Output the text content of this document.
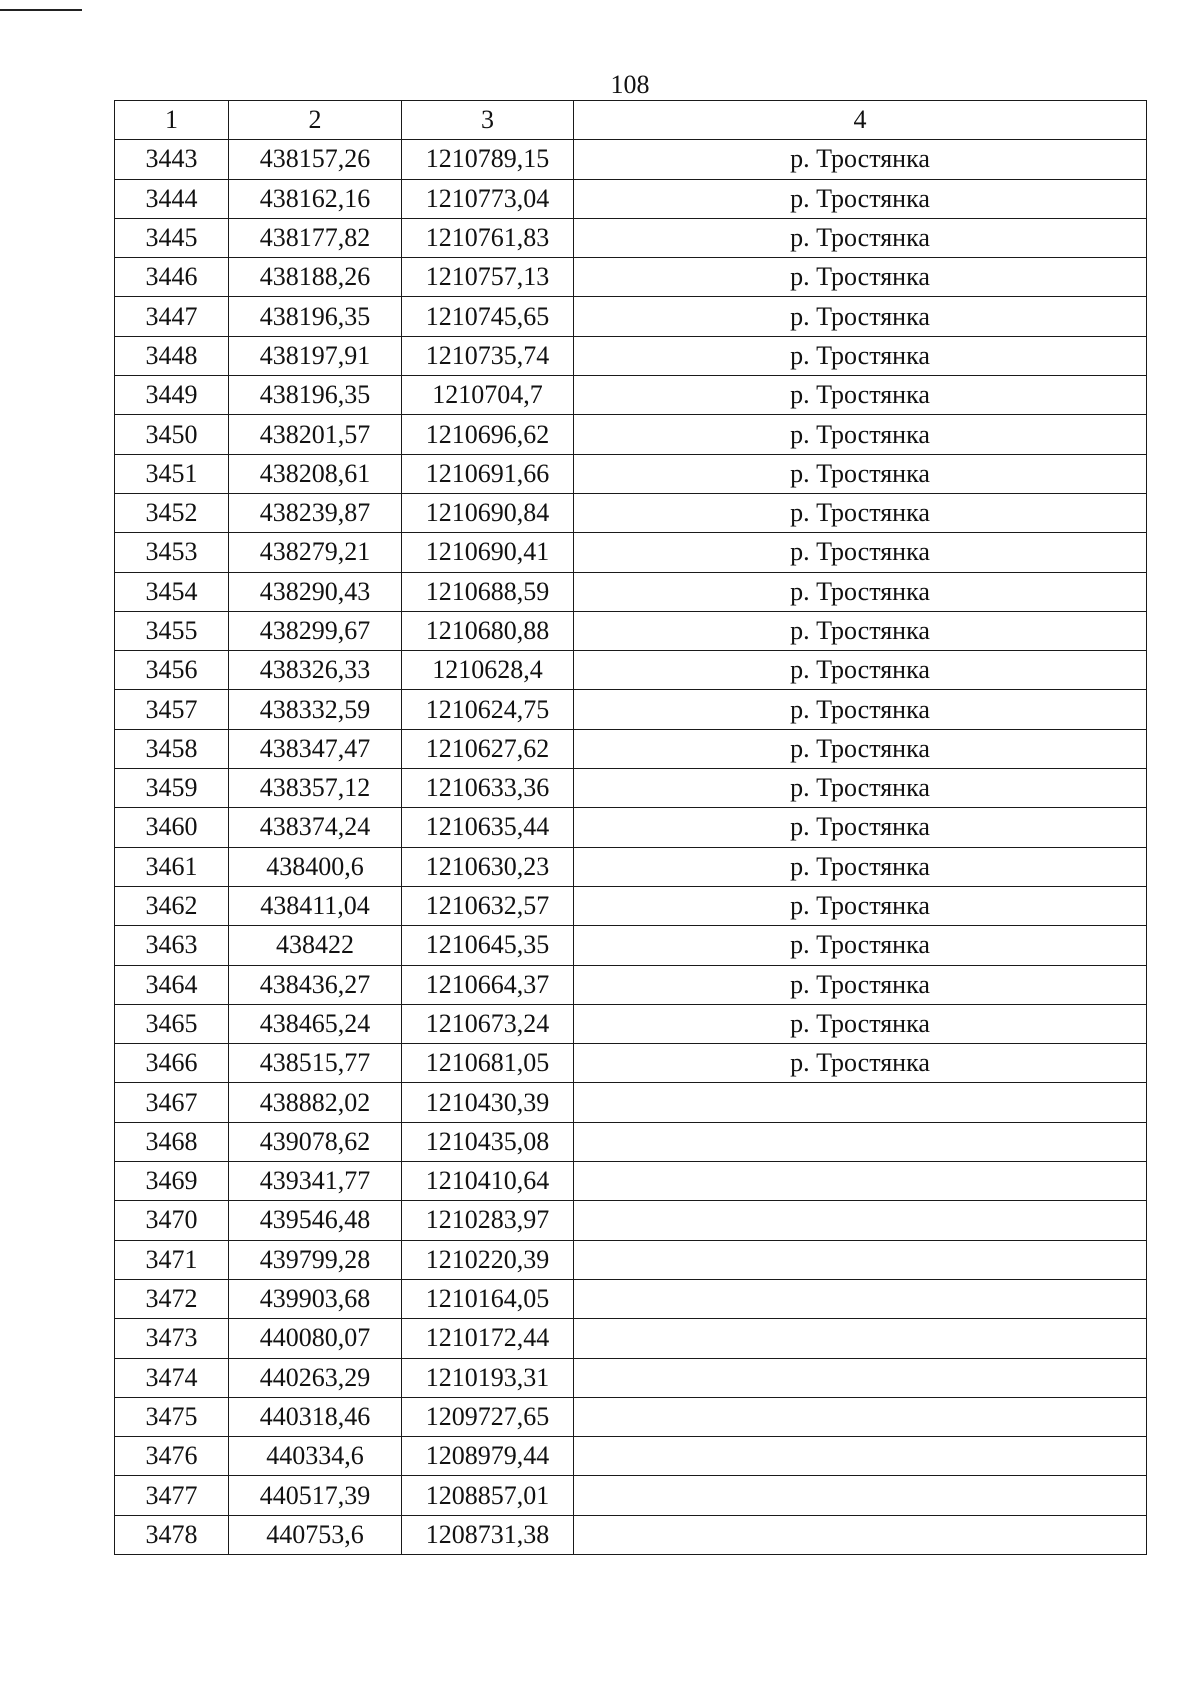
108
1	2	3	4
3443	438157,26	1210789,15	р. Тростянка
3444	438162,16	1210773,04	р. Тростянка
3445	438177,82	1210761,83	р. Тростянка
3446	438188,26	1210757,13	р. Тростянка
3447	438196,35	1210745,65	р. Тростянка
3448	438197,91	1210735,74	р. Тростянка
3449	438196,35	1210704,7	р. Тростянка
3450	438201,57	1210696,62	р. Тростянка
3451	438208,61	1210691,66	р. Тростянка
3452	438239,87	1210690,84	р. Тростянка
3453	438279,21	1210690,41	р. Тростянка
3454	438290,43	1210688,59	р. Тростянка
3455	438299,67	1210680,88	р. Тростянка
3456	438326,33	1210628,4	р. Тростянка
3457	438332,59	1210624,75	р. Тростянка
3458	438347,47	1210627,62	р. Тростянка
3459	438357,12	1210633,36	р. Тростянка
3460	438374,24	1210635,44	р. Тростянка
3461	438400,6	1210630,23	р. Тростянка
3462	438411,04	1210632,57	р. Тростянка
3463	438422	1210645,35	р. Тростянка
3464	438436,27	1210664,37	р. Тростянка
3465	438465,24	1210673,24	р. Тростянка
3466	438515,77	1210681,05	р. Тростянка
3467	438882,02	1210430,39	
3468	439078,62	1210435,08	
3469	439341,77	1210410,64	
3470	439546,48	1210283,97	
3471	439799,28	1210220,39	
3472	439903,68	1210164,05	
3473	440080,07	1210172,44	
3474	440263,29	1210193,31	
3475	440318,46	1209727,65	
3476	440334,6	1208979,44	
3477	440517,39	1208857,01	
3478	440753,6	1208731,38	
